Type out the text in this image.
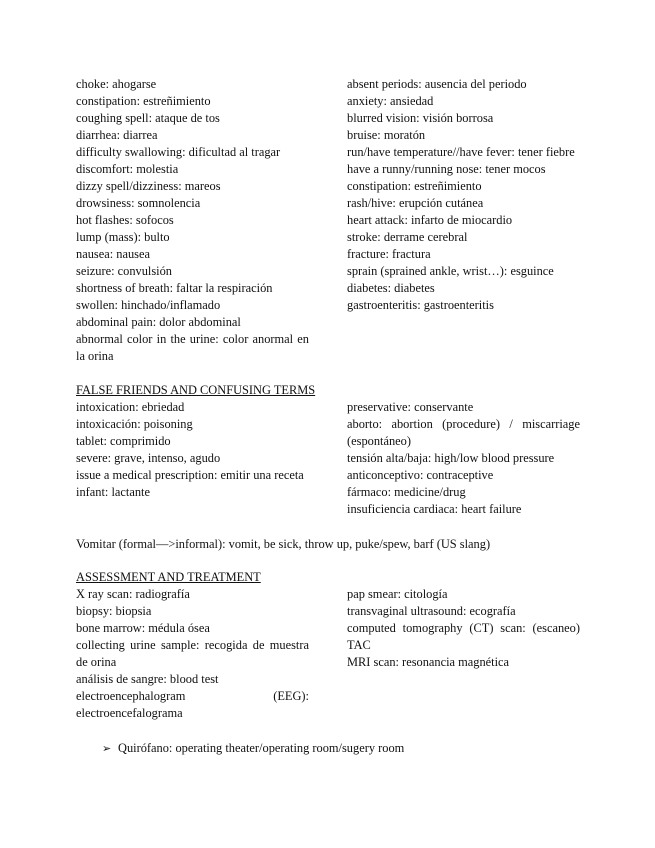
choke: ahogarse
constipation: estreñimiento
coughing spell: ataque de tos
diarrhea: diarrea
difficulty swallowing: dificultad al tragar
discomfort: molestia
dizzy spell/dizziness: mareos
drowsiness: somnolencia
hot flashes: sofocos
lump (mass): bulto
nausea: nausea
seizure: convulsión
shortness of breath: faltar la respiración
swollen: hinchado/inflamado
abdominal pain: dolor abdominal
abnormal color in the urine: color anormal en la orina
absent periods: ausencia del periodo
anxiety: ansiedad
blurred vision: visión borrosa
bruise: moratón
run/have temperature//have fever: tener fiebre
have a runny/running nose: tener mocos
constipation: estreñimiento
rash/hive: erupción cutánea
heart attack: infarto de miocardio
stroke: derrame cerebral
fracture: fractura
sprain (sprained ankle, wrist…): esguince
diabetes: diabetes
gastroenteritis: gastroenteritis
FALSE FRIENDS AND CONFUSING TERMS
intoxication: ebriedad
intoxicación: poisoning
tablet: comprimido
severe: grave, intenso, agudo
issue a medical prescription: emitir una receta
infant: lactante
preservative: conservante
aborto: abortion (procedure) / miscarriage (espontáneo)
tensión alta/baja: high/low blood pressure
anticonceptivo: contraceptive
fármaco: medicine/drug
insuficiencia cardiaca: heart failure
Vomitar (formal—>informal): vomit, be sick, throw up, puke/spew, barf (US slang)
ASSESSMENT AND TREATMENT
X ray scan: radiografía
biopsy: biopsia
bone marrow: médula ósea
collecting urine sample: recogida de muestra de orina
análisis de sangre: blood test
electroencephalogram (EEG): electroencefalograma
pap smear: citología
transvaginal ultrasound: ecografía
computed tomography (CT) scan: (escaneo) TAC
MRI scan: resonancia magnética
➢ Quirófano: operating theater/operating room/sugery room
